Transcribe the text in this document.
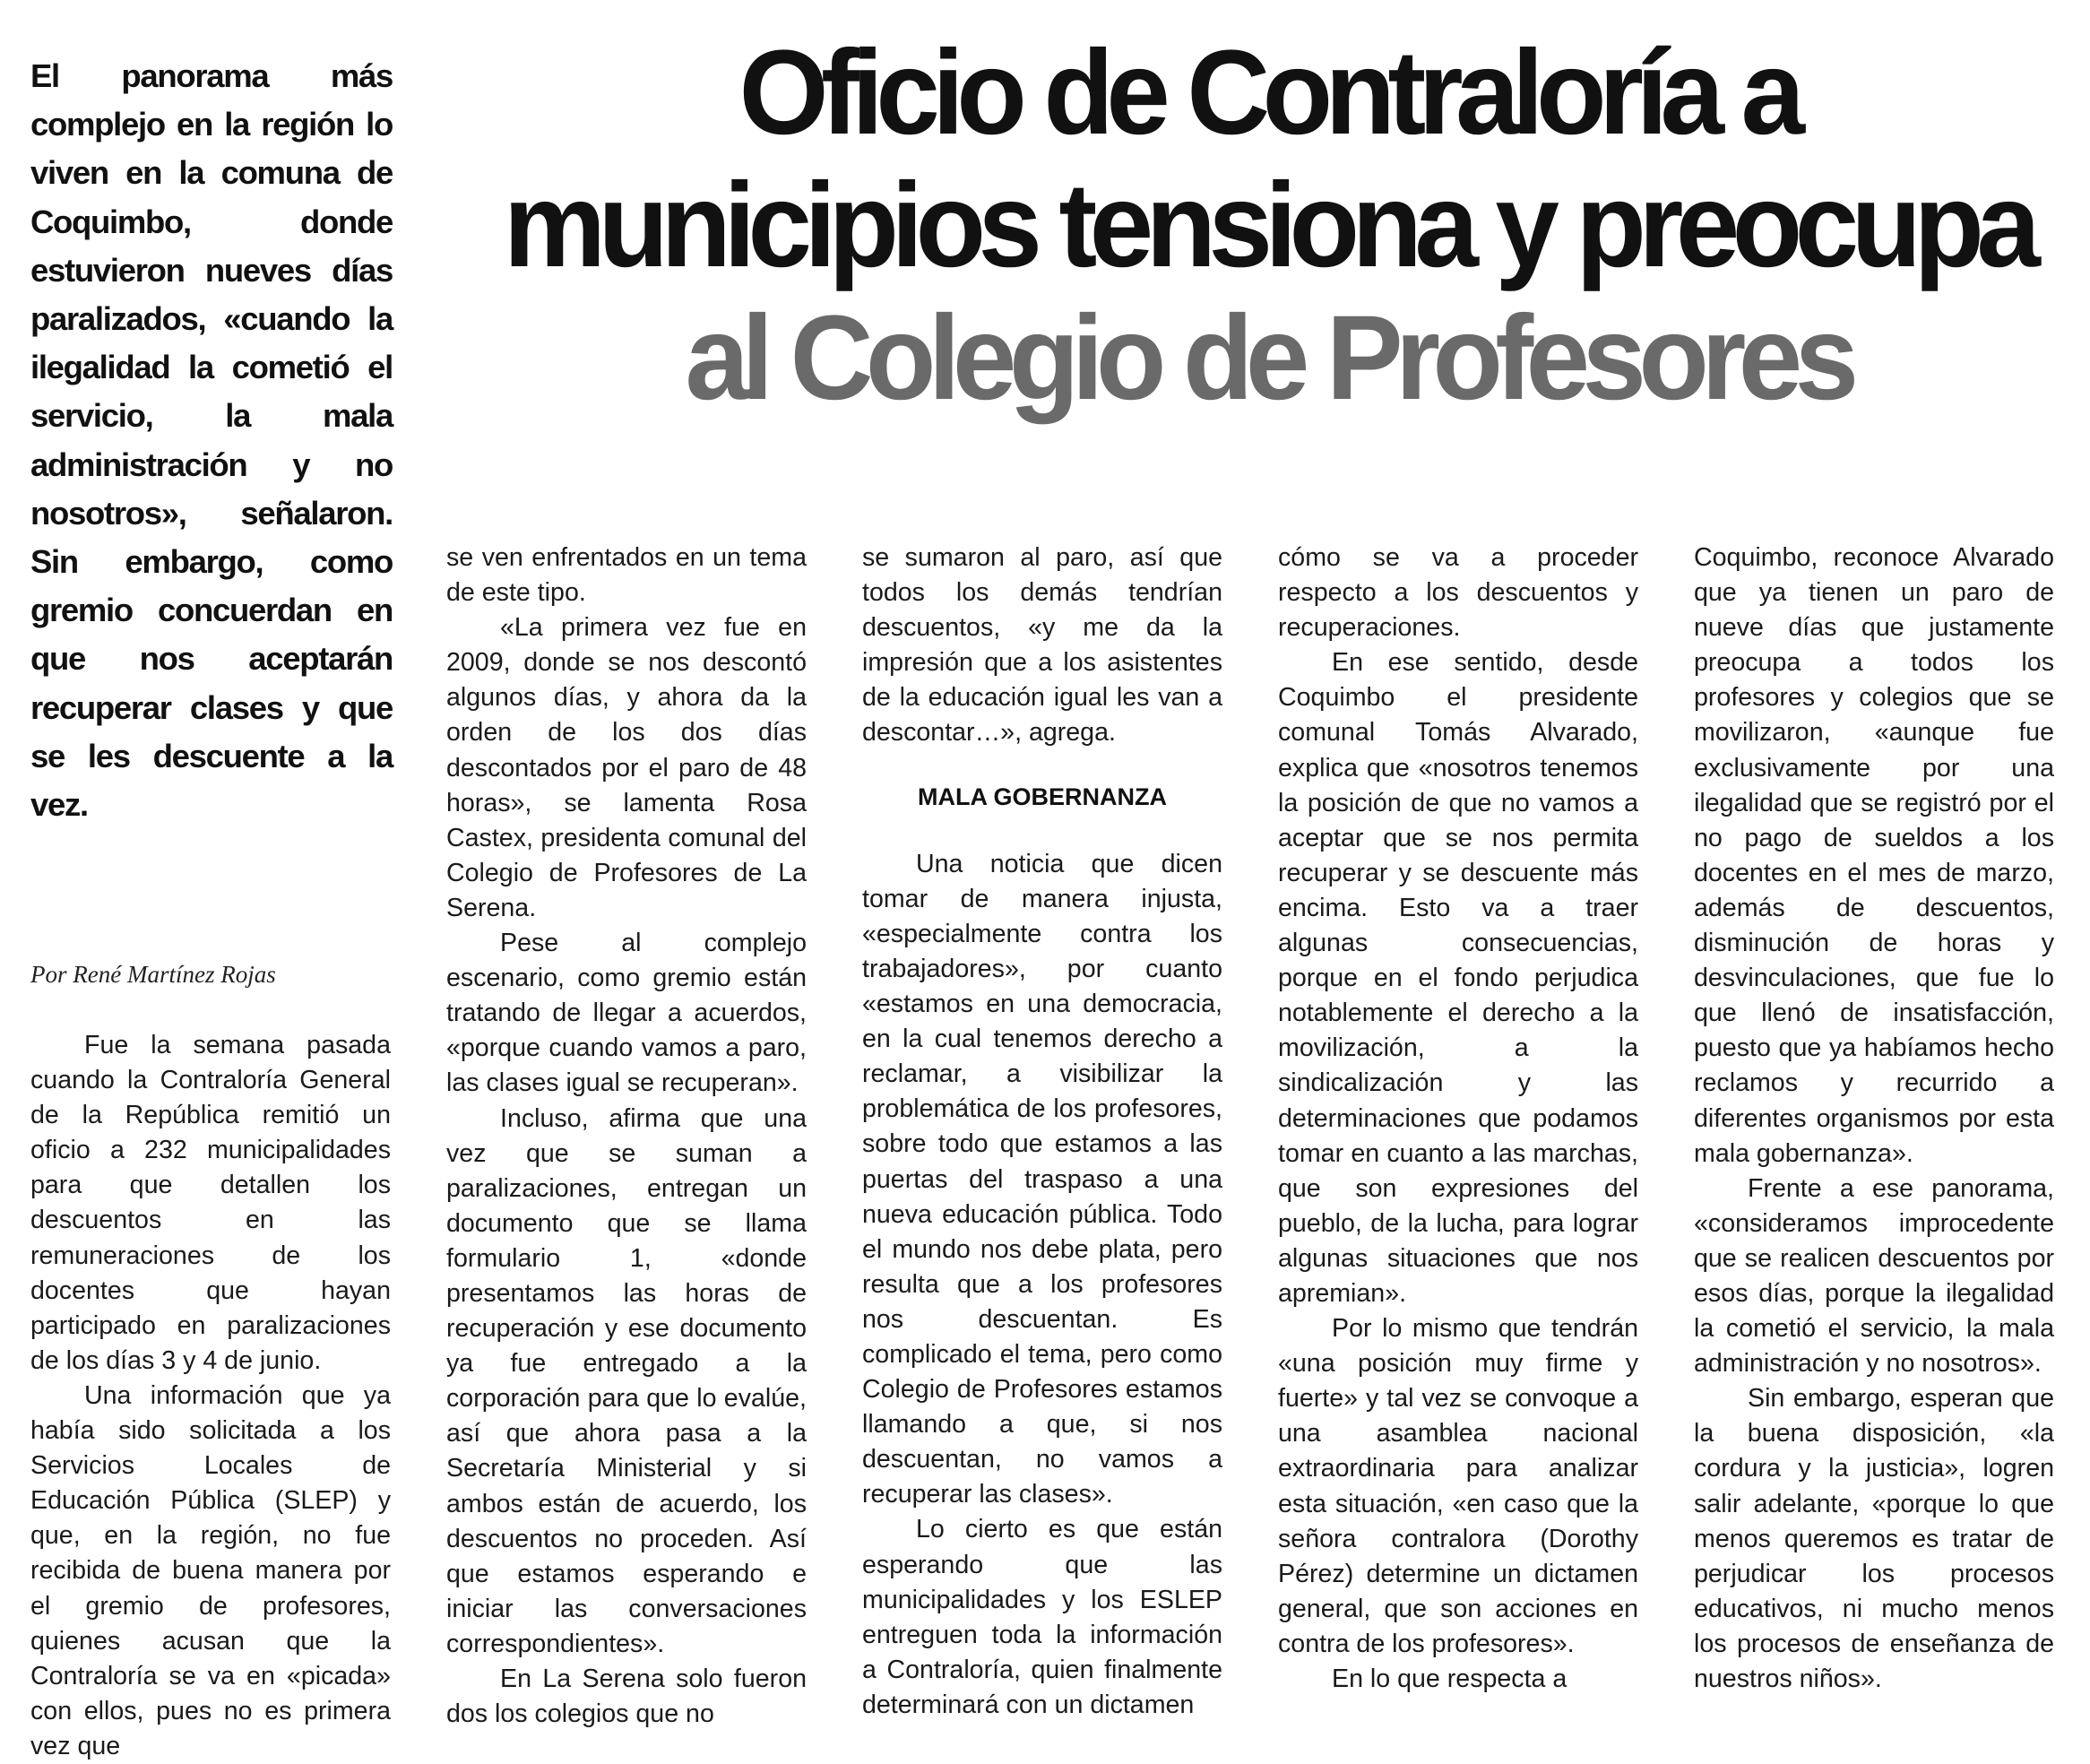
Oficio de Contraloría a
municipios tensiona y preocupa
al Colegio de Profesores

El panorama más complejo en la región lo viven en la comuna de Coquimbo, donde estuvieron nueves días paralizados, «cuando la ilegalidad la cometió el servicio, la mala administración y no nosotros», señalaron. Sin embargo, como gremio concuerdan en que nos aceptarán recuperar clases y que se les descuente a la vez.

Por René Martínez Rojas

Fue la semana pasada cuando la Contraloría General de la República remitió un oficio a 232 municipalidades para que detallen los descuentos en las remuneraciones de los docentes que hayan participado en paralizaciones de los días 3 y 4 de junio.

Una información que ya había sido solicitada a los Servicios Locales de Educación Pública (SLEP) y que, en la región, no fue recibida de buena manera por el gremio de profesores, quienes acusan que la Contraloría se va en «picada» con ellos, pues no es primera vez que

se ven enfrentados en un tema de este tipo.

«La primera vez fue en 2009, donde se nos descontó algunos días, y ahora da la orden de los dos días descontados por el paro de 48 horas», se lamenta Rosa Castex, presidenta comunal del Colegio de Profesores de La Serena.

Pese al complejo escenario, como gremio están tratando de llegar a acuerdos, «porque cuando vamos a paro, las clases igual se recuperan».

Incluso, afirma que una vez que se suman a paralizaciones, entregan un documento que se llama formulario 1, «donde presentamos las horas de recuperación y ese documento ya fue entregado a la corporación para que lo evalúe, así que ahora pasa a la Secretaría Ministerial y si ambos están de acuerdo, los descuentos no proceden. Así que estamos esperando e iniciar las conversaciones correspondientes».

En La Serena solo fueron dos los colegios que no

se sumaron al paro, así que todos los demás tendrían descuentos, «y me da la impresión que a los asistentes de la educación igual les van a descontar…», agrega.

MALA GOBERNANZA

Una noticia que dicen tomar de manera injusta, «especialmente contra los trabajadores», por cuanto «estamos en una democracia, en la cual tenemos derecho a reclamar, a visibilizar la problemática de los profesores, sobre todo que estamos a las puertas del traspaso a una nueva educación pública. Todo el mundo nos debe plata, pero resulta que a los profesores nos descuentan. Es complicado el tema, pero como Colegio de Profesores estamos llamando a que, si nos descuentan, no vamos a recuperar las clases».

Lo cierto es que están esperando que las municipalidades y los ESLEP entreguen toda la información a Contraloría, quien finalmente determinará con un dictamen

cómo se va a proceder respecto a los descuentos y recuperaciones.

En ese sentido, desde Coquimbo el presidente comunal Tomás Alvarado, explica que «nosotros tenemos la posición de que no vamos a aceptar que se nos permita recuperar y se descuente más encima. Esto va a traer algunas consecuencias, porque en el fondo perjudica notablemente el derecho a la movilización, a la sindicalización y las determinaciones que podamos tomar en cuanto a las marchas, que son expresiones del pueblo, de la lucha, para lograr algunas situaciones que nos apremian».

Por lo mismo que tendrán «una posición muy firme y fuerte» y tal vez se convoque a una asamblea nacional extraordinaria para analizar esta situación, «en caso que la señora contralora (Dorothy Pérez) determine un dictamen general, que son acciones en contra de los profesores».

En lo que respecta a

Coquimbo, reconoce Alvarado que ya tienen un paro de nueve días que justamente preocupa a todos los profesores y colegios que se movilizaron, «aunque fue exclusivamente por una ilegalidad que se registró por el no pago de sueldos a los docentes en el mes de marzo, además de descuentos, disminución de horas y desvinculaciones, que fue lo que llenó de insatisfacción, puesto que ya habíamos hecho reclamos y recurrido a diferentes organismos por esta mala gobernanza».

Frente a ese panorama, «consideramos improcedente que se realicen descuentos por esos días, porque la ilegalidad la cometió el servicio, la mala administración y no nosotros».

Sin embargo, esperan que la buena disposición, «la cordura y la justicia», logren salir adelante, «porque lo que menos queremos es tratar de perjudicar los procesos educativos, ni mucho menos los procesos de enseñanza de nuestros niños».
